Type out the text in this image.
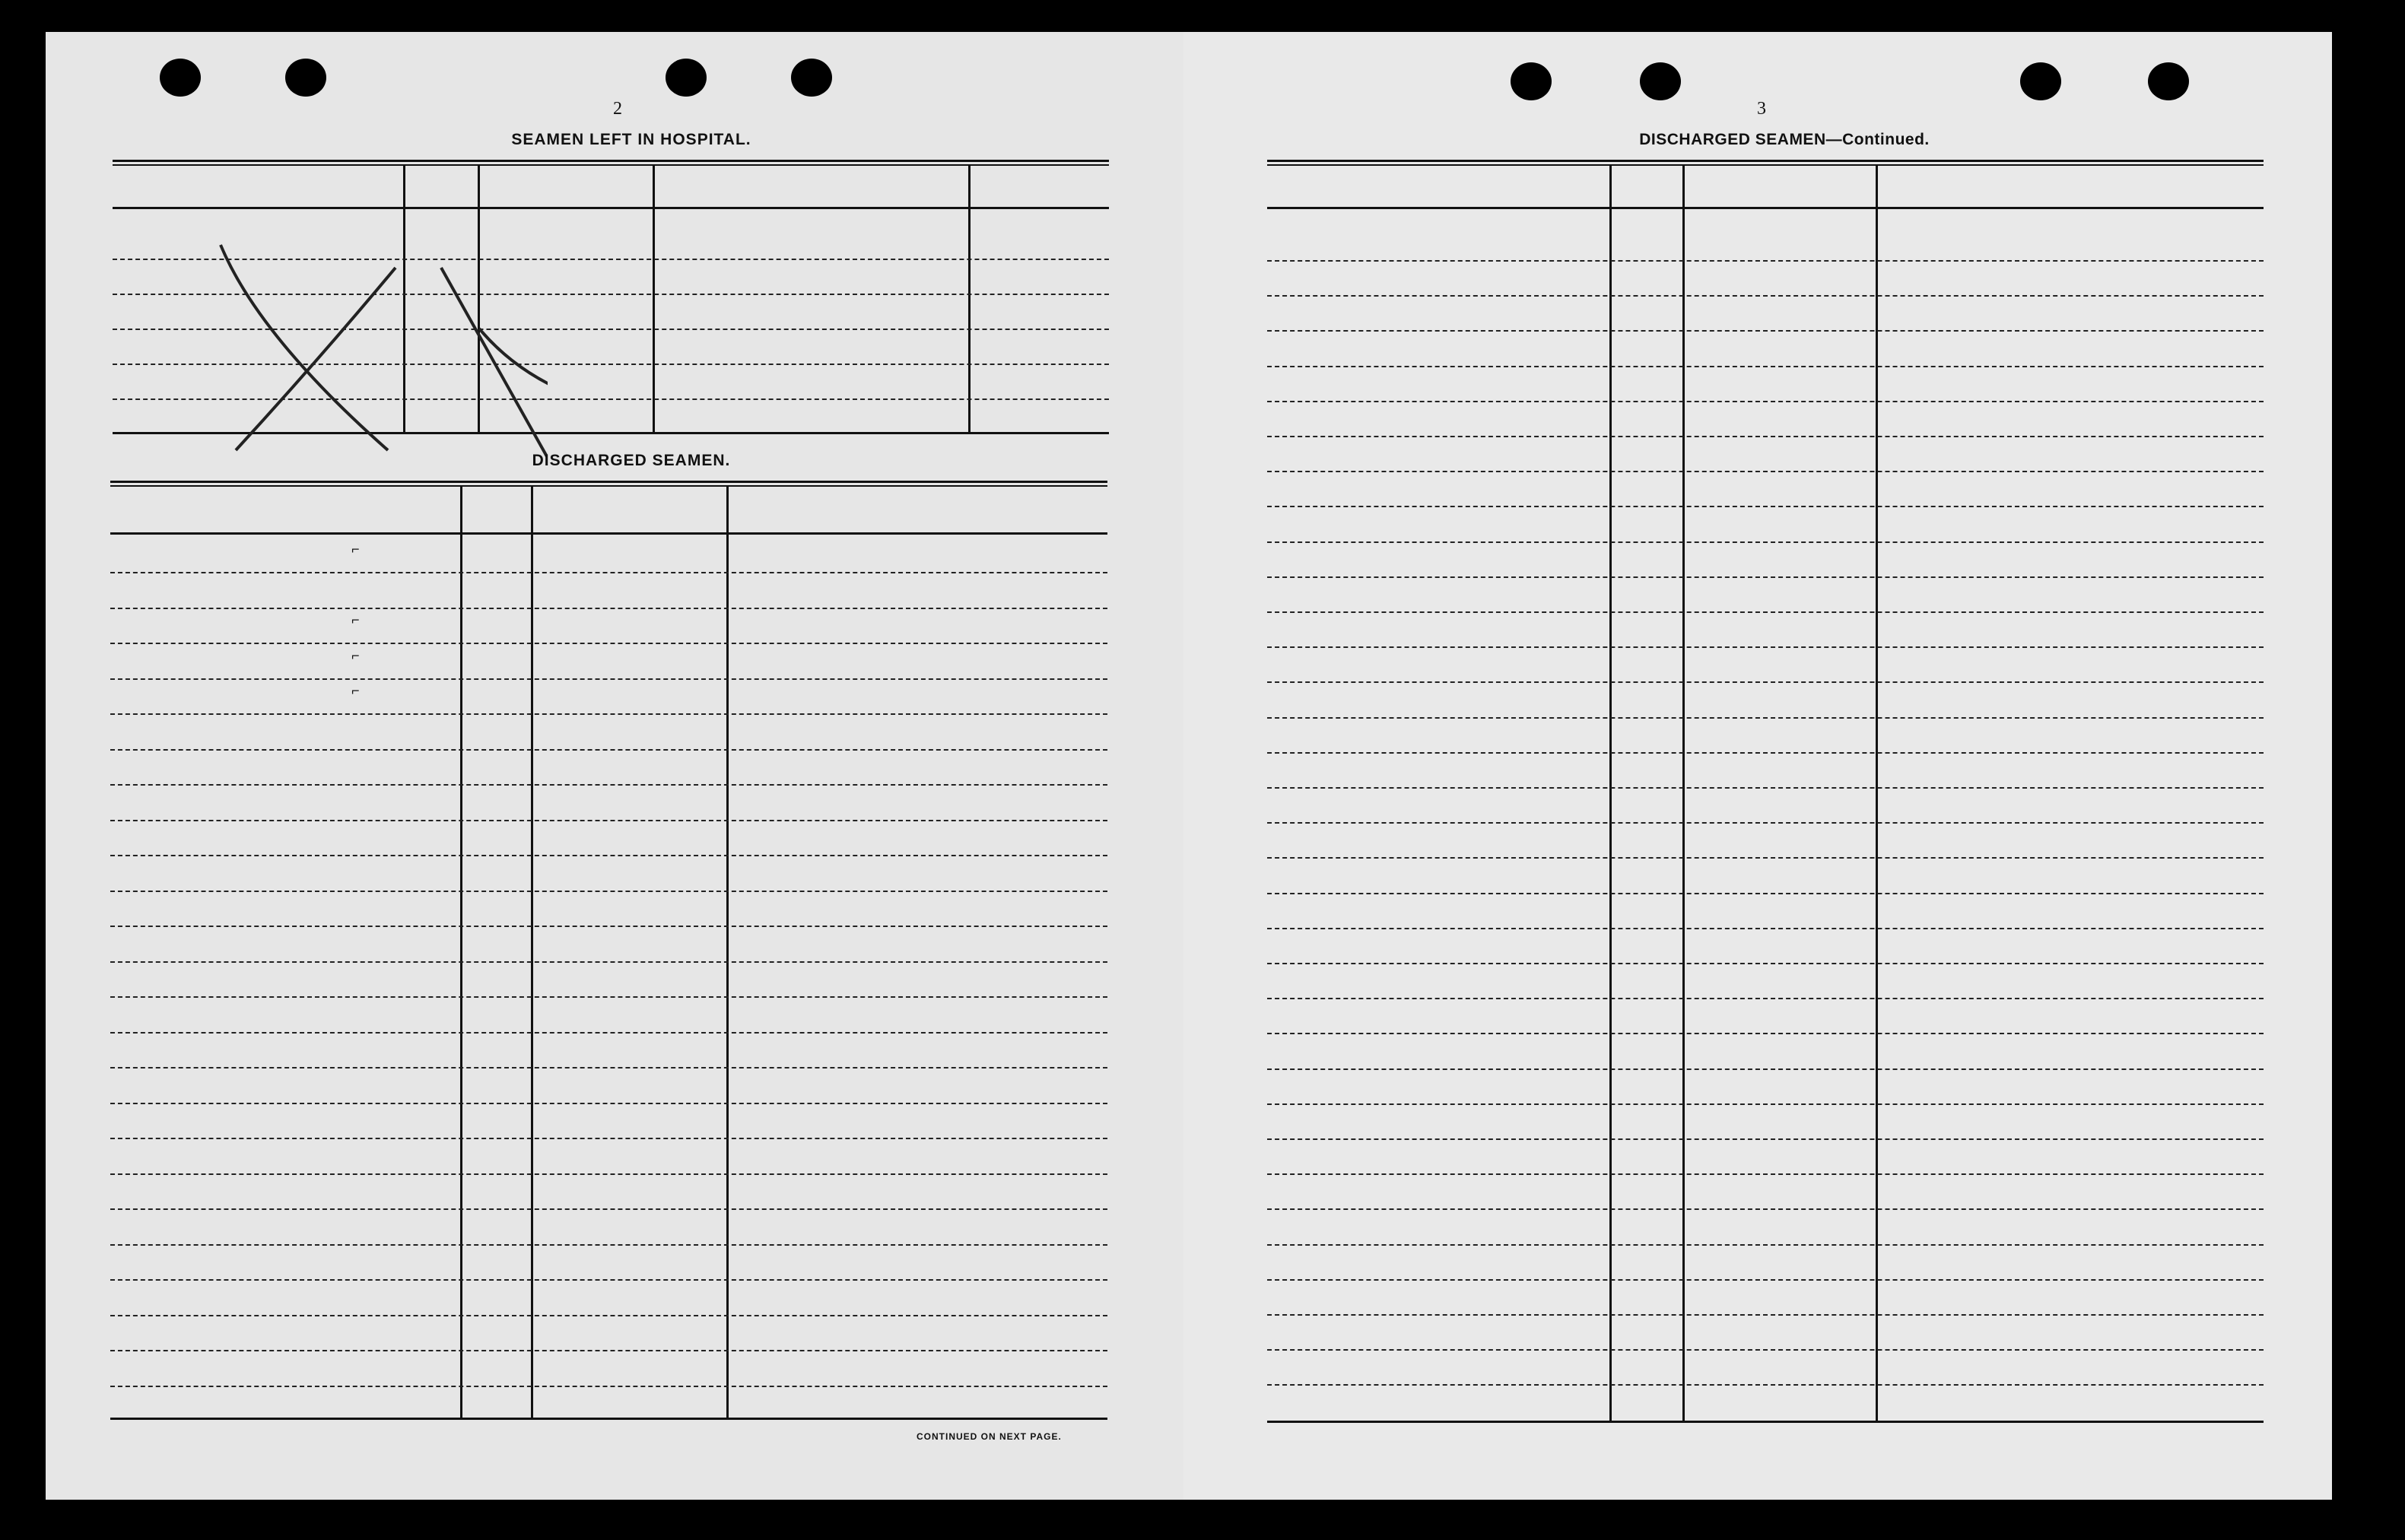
2
SEAMEN LEFT IN HOSPITAL.
DISCHARGED SEAMEN.
⌐
⌐
⌐
⌐
CONTINUED ON NEXT PAGE.
3
DISCHARGED SEAMEN—Continued.
